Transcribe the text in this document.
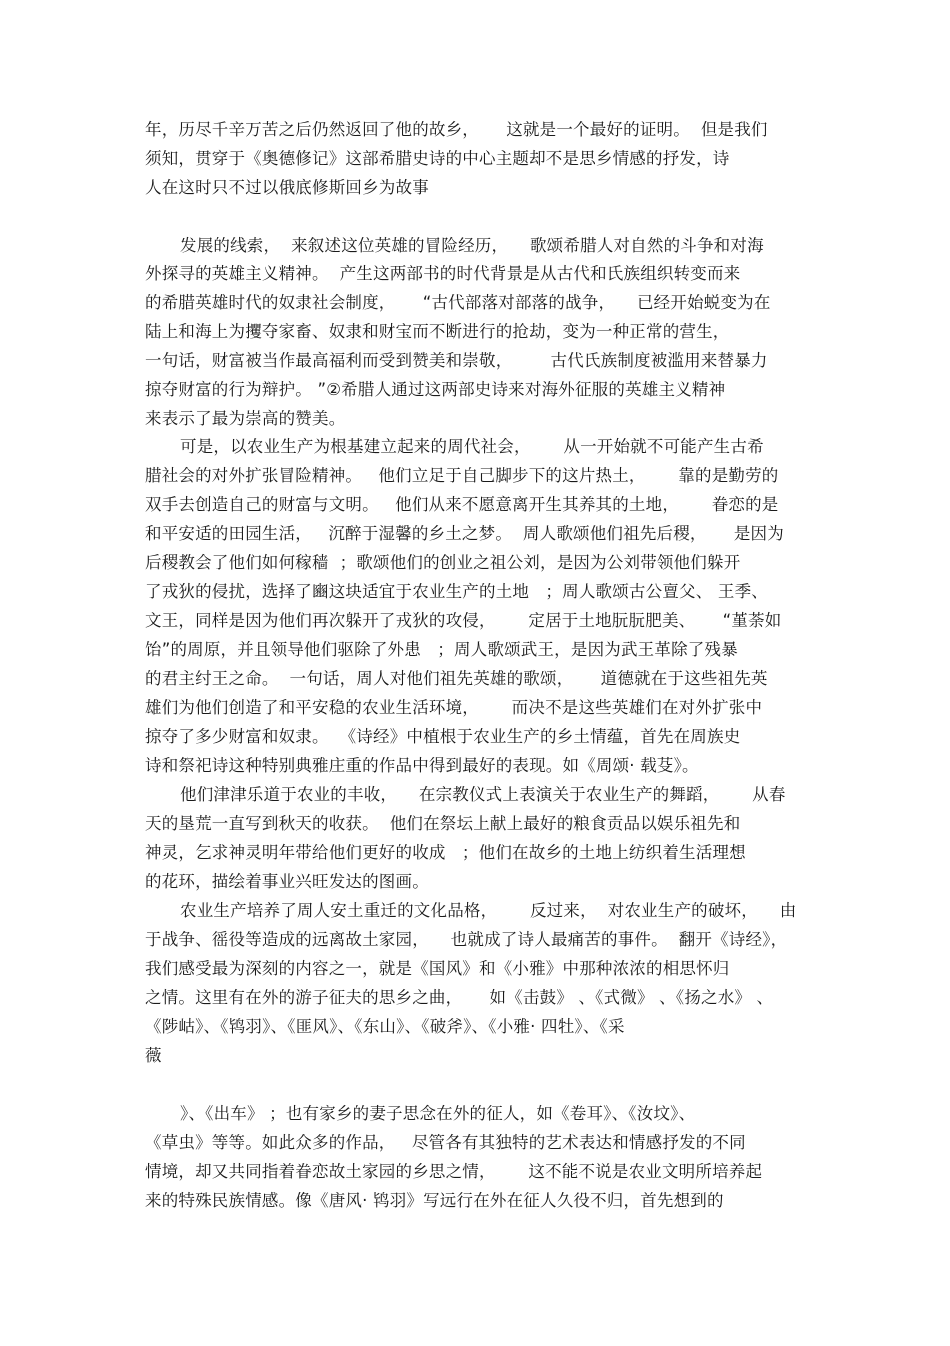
年，历尽千辛万苦之后仍然返回了他的故乡，     这就是一个最好的证明。  但是我们
须知，贯穿于《奥德修记》这部希腊史诗的中心主题却不是思乡情感的抒发，诗
人在这时只不过以俄底修斯回乡为故事
发展的线索，  来叙述这位英雄的冒险经历，    歌颂希腊人对自然的斗争和对海
外探寻的英雄主义精神。  产生这两部书的时代背景是从古代和氏族组织转变而来
的希腊英雄时代的奴隶社会制度，     “古代部落对部落的战争，    已经开始蜕变为在
陆上和海上为攫夺家畜、奴隶和财宝而不断进行的抢劫，变为一种正常的营生，
一句话，财富被当作最高福利而受到赞美和崇敬，       古代氏族制度被滥用来替暴力
掠夺财富的行为辩护。 ”②希腊人通过这两部史诗来对海外征服的英雄主义精神
来表示了最为崇高的赞美。
可是，以农业生产为根基建立起来的周代社会，      从一开始就不可能产生古希
腊社会的对外扩张冒险精神。   他们立足于自己脚步下的这片热土，      靠的是勤劳的
双手去创造自己的财富与文明。   他们从来不愿意离开生其养其的土地，      眷恋的是
和平安适的田园生活，   沉醉于湿馨的乡土之梦。  周人歌颂他们祖先后稷，     是因为
后稷教会了他们如何稼穑  ；歌颂他们的创业之祖公刘，是因为公刘带领他们躲开
了戎狄的侵扰，选择了豳这块适宜于农业生产的土地   ；周人歌颂古公亶父、 王季、
文王，同样是因为他们再次躲开了戎狄的攻侵，      定居于土地朊朊肥美、     “堇荼如
饴”的周原，并且领导他们驱除了外患   ；周人歌颂武王，是因为武王革除了残暴
的君主纣王之命。  一句话，周人对他们祖先英雄的歌颂，     道德就在于这些祖先英
雄们为他们创造了和平安稳的农业生活环境，      而决不是这些英雄们在对外扩张中
掠夺了多少财富和奴隶。  《诗经》中植根于农业生产的乡土情蕴，首先在周族史
诗和祭祀诗这种特别典雅庄重的作品中得到最好的表现。如《周颂· 载芟》。
他们津津乐道于农业的丰收，    在宗教仪式上表演关于农业生产的舞蹈，      从春
天的垦荒一直写到秋天的收获。  他们在祭坛上献上最好的粮食贡品以娱乐祖先和
神灵，乞求神灵明年带给他们更好的收成   ；他们在故乡的土地上纺织着生活理想
的花环，描绘着事业兴旺发达的图画。
农业生产培养了周人安土重迁的文化品格，      反过来，  对农业生产的破坏，    由
于战争、徭役等造成的远离故土家园，    也就成了诗人最痛苦的事件。  翻开《诗经》，
我们感受最为深刻的内容之一，就是《国风》和《小雅》中那种浓浓的相思怀归
之情。这里有在外的游子征夫的思乡之曲，     如《击鼓》 、《式微》 、《扬之水》 、
《陟岵》、《鸨羽》、《匪风》、《东山》、《破斧》、《小雅· 四牡》、《采
薇
》、《出车》 ；也有家乡的妻子思念在外的征人，如《卷耳》、《汝坟》、
《草虫》等等。如此众多的作品，   尽管各有其独特的艺术表达和情感抒发的不同
情境，却又共同指着眷恋故土家园的乡思之情，      这不能不说是农业文明所培养起
来的特殊民族情感。像《唐风· 鸨羽》写远行在外在征人久役不归，首先想到的
